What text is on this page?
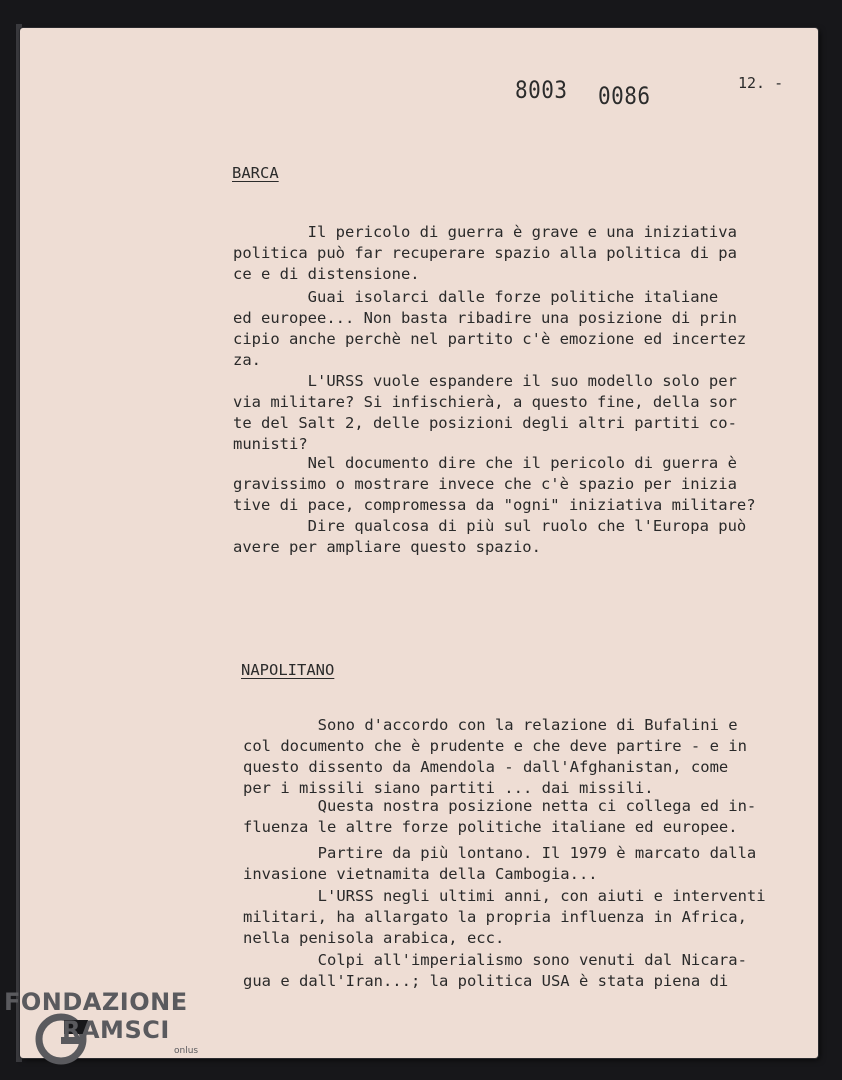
8003 0086	12. -
BARCA
Il pericolo di guerra è grave e una iniziativa
politica può far recuperare spazio alla politica di pa
ce e di distensione.
Guai isolarci dalle forze politiche italiane
ed europee... Non basta ribadire una posizione di prin
cipio anche perchè nel partito c'è emozione ed incertez
za.
L'URSS vuole espandere il suo modello solo per
via militare? Si infischierà, a questo fine, della sor
te del Salt 2, delle posizioni degli altri partiti co-
munisti?
Nel documento dire che il pericolo di guerra è
gravissimo o mostrare invece che c'è spazio per inizia
tive di pace, compromessa da "ogni" iniziativa militare?
Dire qualcosa di più sul ruolo che l'Europa può
avere per ampliare questo spazio.
NAPOLITANO
Sono d'accordo con la relazione di Bufalini e
col documento che è prudente e che deve partire - e in
questo dissento da Amendola - dall'Afghanistan, come
per i missili siano partiti ... dai missili.
Questa nostra posizione netta ci collega ed in-
fluenza le altre forze politiche italiane ed europee.
Partire da più lontano. Il 1979 è marcato dalla
invasione vietnamita della Cambogia...
L'URSS negli ultimi anni, con aiuti e interventi
militari, ha allargato la propria influenza in Africa,
nella penisola arabica, ecc.
Colpi all'imperialismo sono venuti dal Nicara-
gua e dall'Iran...; la politica USA è stata piena di
FONDAZIONE
RAMSCI
onlus
